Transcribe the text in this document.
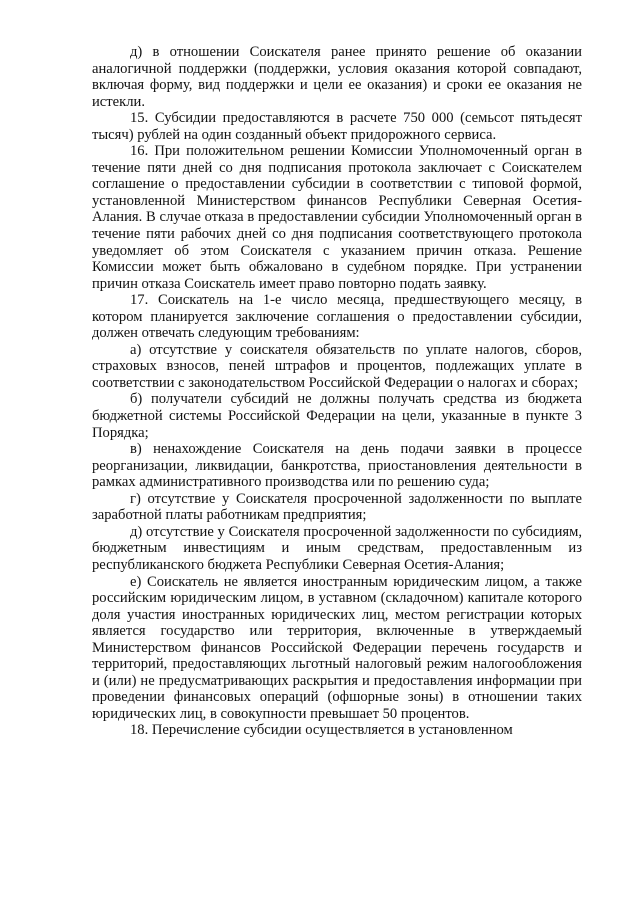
д) в отношении Соискателя ранее принято решение об оказании аналогичной поддержки (поддержки, условия оказания которой совпадают, включая форму, вид поддержки и цели ее оказания) и сроки ее оказания не истекли.

15. Субсидии предоставляются в расчете 750 000 (семьсот пятьдесят тысяч) рублей на один созданный объект придорожного сервиса.

16. При положительном решении Комиссии Уполномоченный орган в течение пяти дней со дня подписания протокола заключает с Соискателем соглашение о предоставлении субсидии в соответствии с типовой формой, установленной Министерством финансов Республики Северная Осетия-Алания. В случае отказа в предоставлении субсидии Уполномоченный орган в течение пяти рабочих дней со дня подписания соответствующего протокола уведомляет об этом Соискателя с указанием причин отказа. Решение Комиссии может быть обжаловано в судебном порядке. При устранении причин отказа Соискатель имеет право повторно подать заявку.

17. Соискатель на 1-е число месяца, предшествующего месяцу, в котором планируется заключение соглашения о предоставлении субсидии, должен отвечать следующим требованиям:

а) отсутствие у соискателя обязательств по уплате налогов, сборов, страховых взносов, пеней штрафов и процентов, подлежащих уплате в соответствии с законодательством Российской Федерации о налогах и сборах;

б) получатели субсидий не должны получать средства из бюджета бюджетной системы Российской Федерации на цели, указанные в пункте 3 Порядка;

в) ненахождение Соискателя на день подачи заявки в процессе реорганизации, ликвидации, банкротства, приостановления деятельности в рамках административного производства или по решению суда;

г) отсутствие у Соискателя просроченной задолженности по выплате заработной платы работникам предприятия;

д) отсутствие у Соискателя просроченной задолженности по субсидиям, бюджетным инвестициям и иным средствам, предоставленным из республиканского бюджета Республики Северная Осетия-Алания;

е) Соискатель не является иностранным юридическим лицом, а также российским юридическим лицом, в уставном (складочном) капитале которого доля участия иностранных юридических лиц, местом регистрации которых является государство или территория, включенные в утверждаемый Министерством финансов Российской Федерации перечень государств и территорий, предоставляющих льготный налоговый режим налогообложения и (или) не предусматривающих раскрытия и предоставления информации при проведении финансовых операций (офшорные зоны) в отношении таких юридических лиц, в совокупности превышает 50 процентов.

18. Перечисление субсидии осуществляется в установленном
